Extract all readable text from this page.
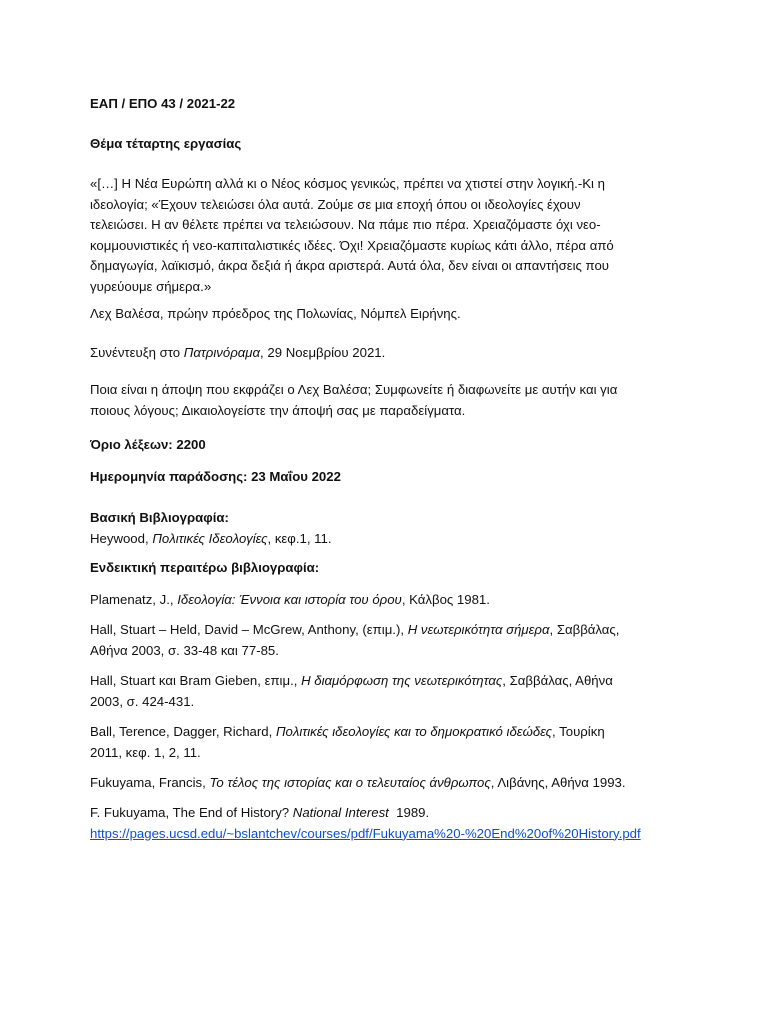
ΕΑΠ / ΕΠΟ 43 / 2021-22
Θέμα τέταρτης εργασίας
«[…] Η Νέα Ευρώπη αλλά κι ο Νέος κόσμος γενικώς, πρέπει να χτιστεί στην λογική.-Κι η
ιδεολογία; «Έχουν τελειώσει όλα αυτά. Ζούμε σε μια εποχή όπου οι ιδεολογίες έχουν
τελειώσει. Η αν θέλετε πρέπει να τελειώσουν. Να πάμε πιο πέρα. Χρειαζόμαστε όχι νεο-
κομμουνιστικές ή νεο-καπιταλιστικές ιδέες. Όχι! Χρειαζόμαστε κυρίως κάτι άλλο, πέρα από
δημαγωγία, λαϊκισμό, άκρα δεξιά ή άκρα αριστερά. Αυτά όλα, δεν είναι οι απαντήσεις που
γυρεύουμε σήμερα.»
Λεχ Βαλέσα, πρώην πρόεδρος της Πολωνίας, Νόμπελ Ειρήνης.
Συνέντευξη στο Πατρινόραμα, 29 Νοεμβρίου 2021.
Ποια είναι η άποψη που εκφράζει ο Λεχ Βαλέσα; Συμφωνείτε ή διαφωνείτε με αυτήν και για
ποιους λόγους; Δικαιολογείστε την άποψή σας με παραδείγματα.
Όριο λέξεων: 2200
Ημερομηνία παράδοσης: 23 Μαΐου 2022
Βασική Βιβλιογραφία:
Heywood, Πολιτικές Ιδεολογίες, κεφ.1, 11.
Ενδεικτική περαιτέρω βιβλιογραφία:
Plamenatz, J., Ιδεολογία: Έννοια και ιστορία του όρου, Κάλβος 1981.
Hall, Stuart – Held, David – McGrew, Anthony, (επιμ.), Η νεωτερικότητα σήμερα, Σαββάλας,
Αθήνα 2003, σ. 33-48 και 77-85.
Hall, Stuart και Bram Gieben, επιμ., Η διαμόρφωση της νεωτερικότητας, Σαββάλας, Αθήνα
2003, σ. 424-431.
Ball, Terence, Dagger, Richard, Πολιτικές ιδεολογίες και το δημοκρατικό ιδεώδες, Τουρίκη
2011, κεφ. 1, 2, 11.
Fukuyama, Francis, Το τέλος της ιστορίας και ο τελευταίος άνθρωπος, Λιβάνης, Αθήνα 1993.
F. Fukuyama, The End of History? National Interest  1989.
https://pages.ucsd.edu/~bslantchev/courses/pdf/Fukuyama%20-%20End%20of%20History.pdf
